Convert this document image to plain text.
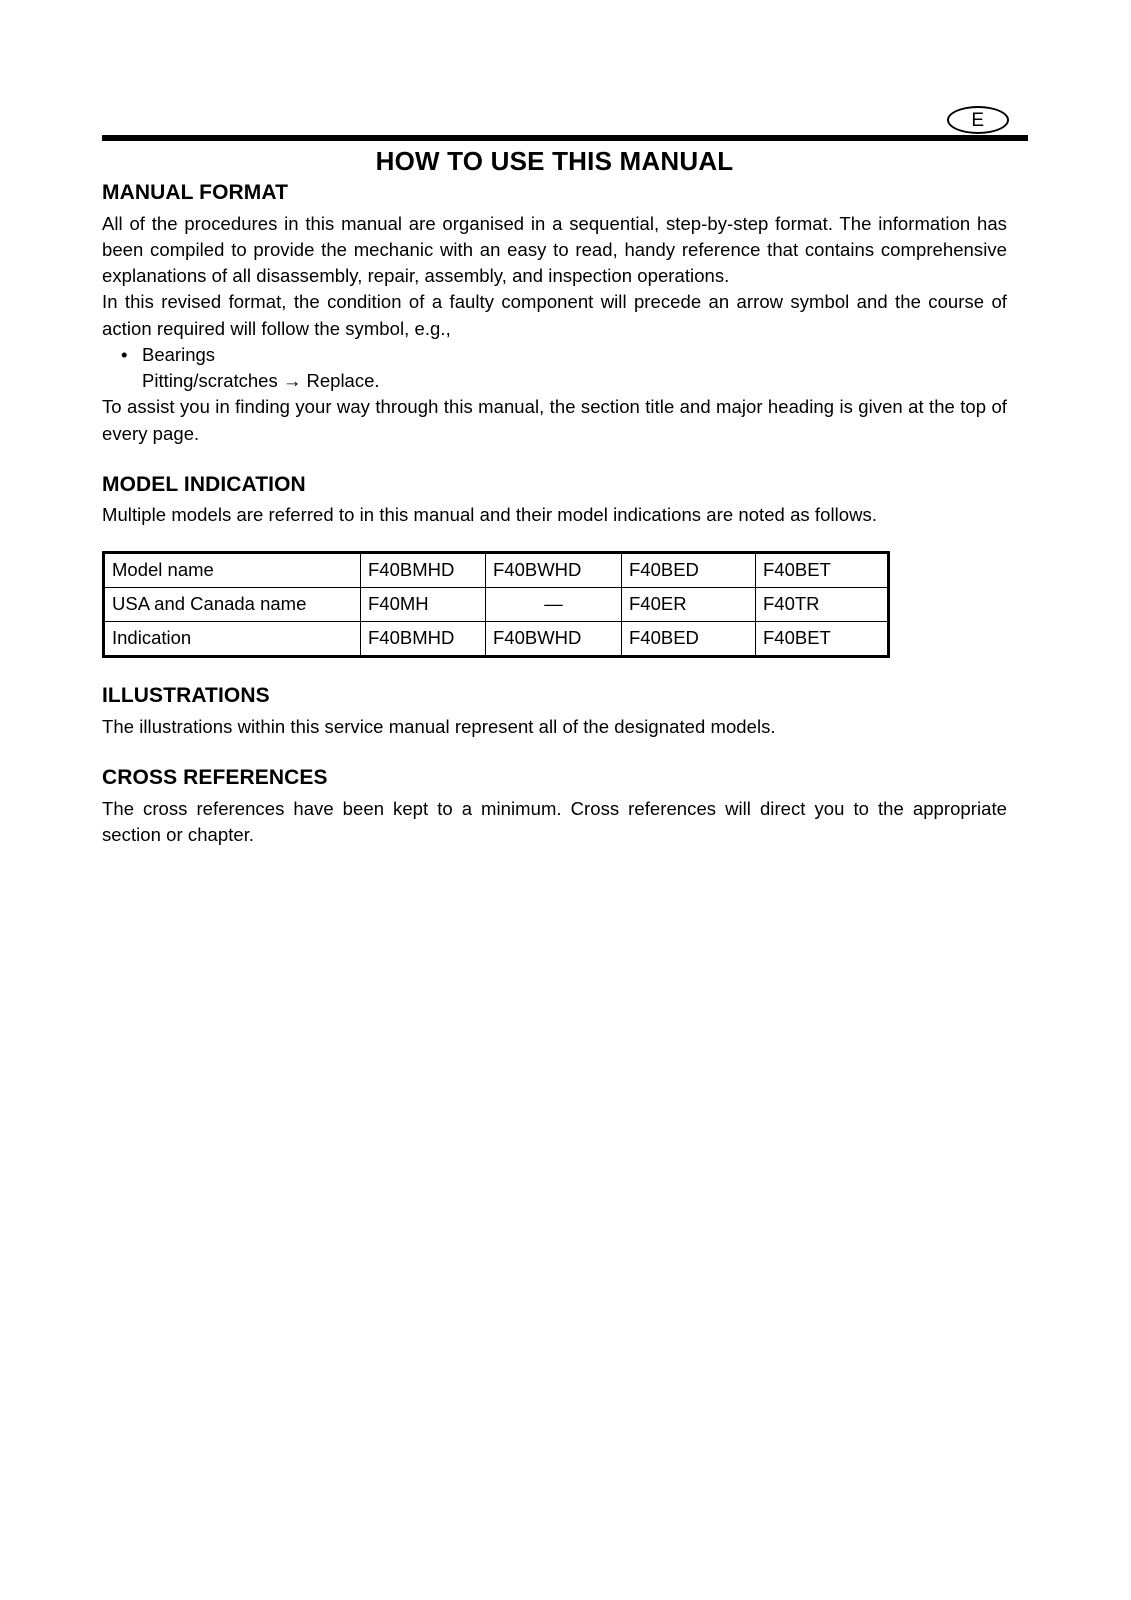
E
HOW TO USE THIS MANUAL
MANUAL FORMAT

All of the procedures in this manual are organised in a sequential, step-by-step format. The information has been compiled to provide the mechanic with an easy to read, handy reference that contains comprehensive explanations of all disassembly, repair, assembly, and inspection operations.

In this revised format, the condition of a faulty component will precede an arrow symbol and the course of action required will follow the symbol, e.g.,

• Bearings
Pitting/scratches → Replace.

To assist you in finding your way through this manual, the section title and major heading is given at the top of every page.

MODEL INDICATION

Multiple models are referred to in this manual and their model indications are noted as follows.

Model name	F40BMHD	F40BWHD	F40BED	F40BET
USA and Canada name	F40MH	—	F40ER	F40TR
Indication	F40BMHD	F40BWHD	F40BED	F40BET
ILLUSTRATIONS

The illustrations within this service manual represent all of the designated models.

CROSS REFERENCES

The cross references have been kept to a minimum. Cross references will direct you to the appropriate section or chapter.
